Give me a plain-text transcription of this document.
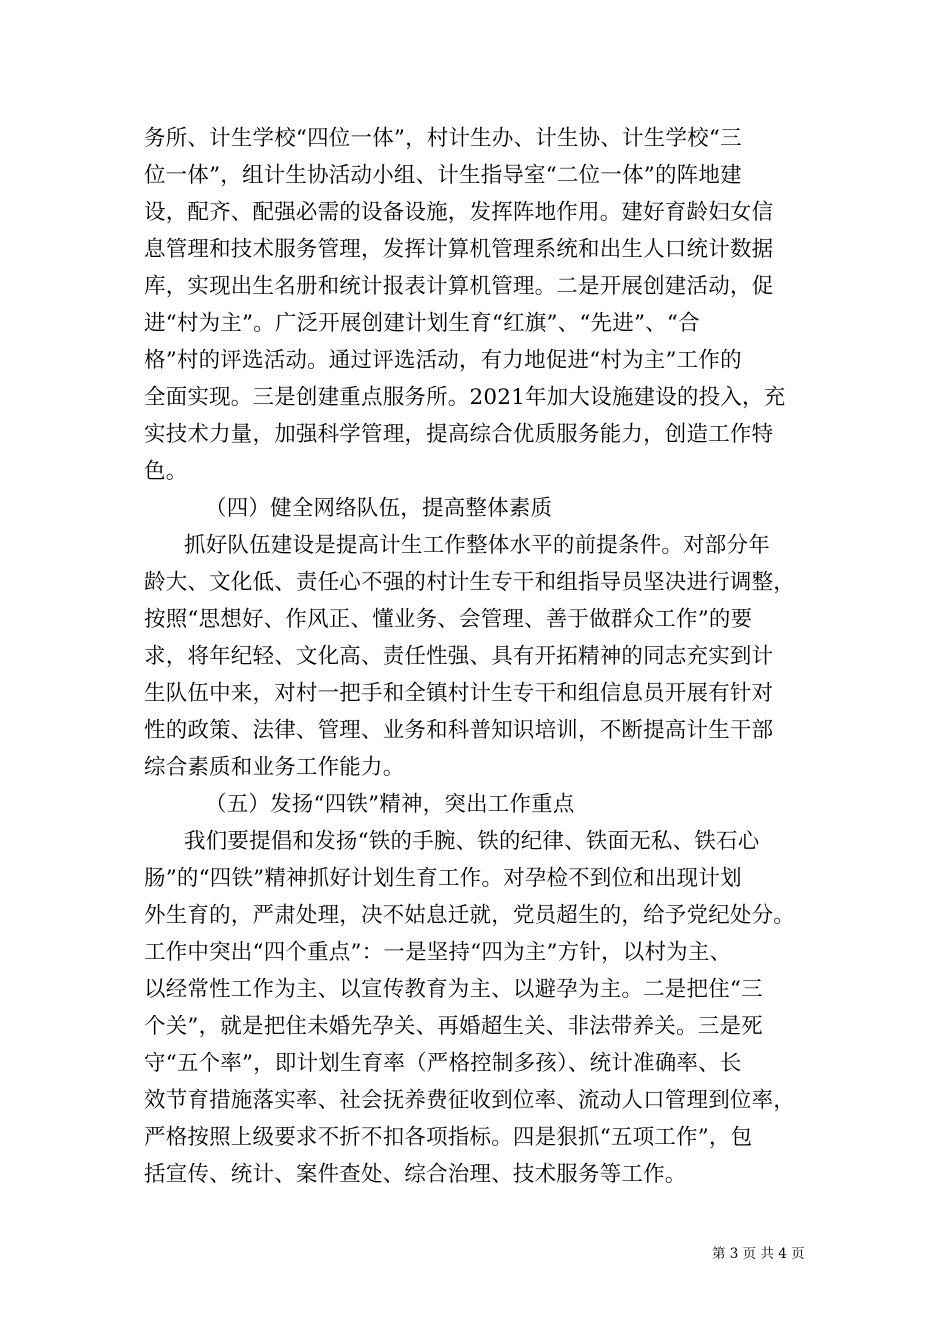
务所、计生学校“四位一体”，村计生办、计生协、计生学校“三
位一体”，组计生协活动小组、计生指导室“二位一体”的阵地建
设，配齐、配强必需的设备设施，发挥阵地作用。建好育龄妇女信
息管理和技术服务管理，发挥计算机管理系统和出生人口统计数据
库，实现出生名册和统计报表计算机管理。二是开展创建活动，促
进“村为主”。广泛开展创建计划生育“红旗”、“先进”、“合
格”村的评选活动。通过评选活动，有力地促进“村为主”工作的
全面实现。三是创建重点服务所。2021年加大设施建设的投入，充
实技术力量，加强科学管理，提高综合优质服务能力，创造工作特
色。
（四）健全网络队伍，提高整体素质
抓好队伍建设是提高计生工作整体水平的前提条件。对部分年
龄大、文化低、责任心不强的村计生专干和组指导员坚决进行调整，
按照“思想好、作风正、懂业务、会管理、善于做群众工作”的要
求，将年纪轻、文化高、责任性强、具有开拓精神的同志充实到计
生队伍中来，对村一把手和全镇村计生专干和组信息员开展有针对
性的政策、法律、管理、业务和科普知识培训，不断提高计生干部
综合素质和业务工作能力。
（五）发扬“四铁”精神，突出工作重点
我们要提倡和发扬“铁的手腕、铁的纪律、铁面无私、铁石心
肠”的“四铁”精神抓好计划生育工作。对孕检不到位和出现计划
外生育的，严肃处理，决不姑息迁就，党员超生的，给予党纪处分。
工作中突出“四个重点”：一是坚持“四为主”方针，以村为主、
以经常性工作为主、以宣传教育为主、以避孕为主。二是把住“三
个关”，就是把住未婚先孕关、再婚超生关、非法带养关。三是死
守“五个率”，即计划生育率（严格控制多孩）、统计准确率、长
效节育措施落实率、社会抚养费征收到位率、流动人口管理到位率，
严格按照上级要求不折不扣各项指标。四是狠抓“五项工作”，包
括宣传、统计、案件查处、综合治理、技术服务等工作。
第 3 页 共 4 页
